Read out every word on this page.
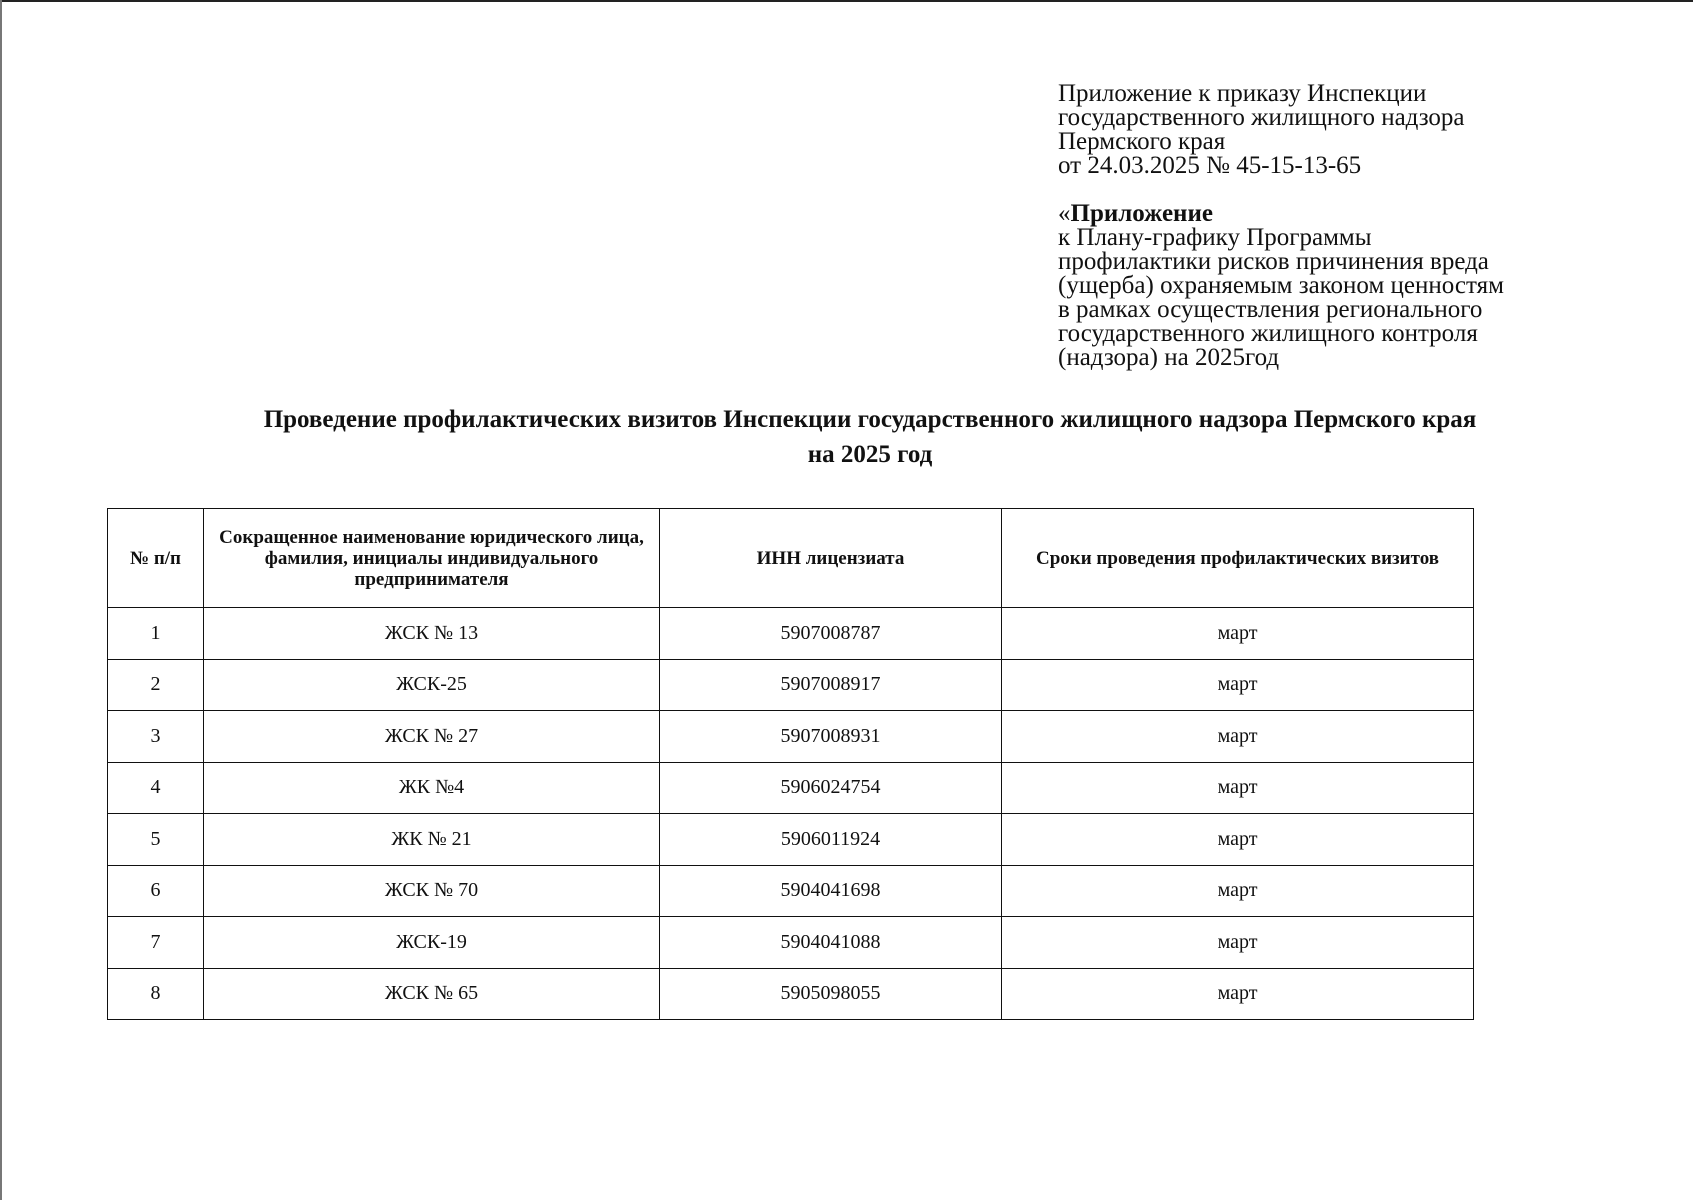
Приложение к приказу Инспекции
государственного жилищного надзора
Пермского края
от 24.03.2025 № 45-15-13-65
«Приложение
к Плану-графику Программы
профилактики рисков причинения вреда
(ущерба) охраняемым законом ценностям
в рамках осуществления регионального
государственного жилищного контроля
(надзора) на 2025год
Проведение профилактических визитов Инспекции государственного жилищного надзора Пермского края
на 2025 год
№ п/п	Сокращенное наименование юридического лица, фамилия, инициалы индивидуального предпринимателя	ИНН лицензиата	Сроки проведения профилактических визитов
1	ЖСК № 13	5907008787	март
2	ЖСК-25	5907008917	март
3	ЖСК № 27	5907008931	март
4	ЖК №4	5906024754	март
5	ЖК № 21	5906011924	март
6	ЖСК № 70	5904041698	март
7	ЖСК-19	5904041088	март
8	ЖСК № 65	5905098055	март
